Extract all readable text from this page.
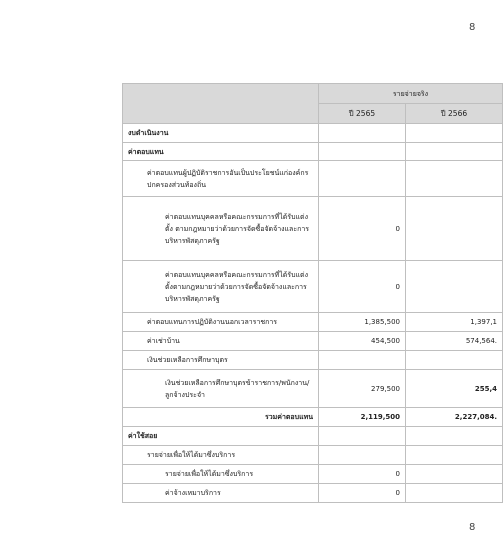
8
	รายจ่ายจริง	
	ปี 2565	ปี 2566
งบดำเนินงาน		
ค่าตอบแทน		
ค่าตอบแทนผู้ปฏิบัติราชการอันเป็นประโยชน์แก่องค์กรปกครองส่วนท้องถิ่น		
ค่าตอบแทนบุคคลหรือคณะกรรมการที่ได้รับแต่งตั้ง ตามกฎหมายว่าด้วยการจัดซื้อจัดจ้างและการบริหารพัสดุภาครัฐ	0	
ค่าตอบแทนบุคคลหรือคณะกรรมการที่ได้รับแต่งตั้งตามกฎหมายว่าด้วยการจัดซื้อจัดจ้างและการบริหารพัสดุภาครัฐ	0	
ค่าตอบแทนการปฏิบัติงานนอกเวลาราชการ	1,385,500	1,397,1
ค่าเช่าบ้าน	454,500	574,564.
เงินช่วยเหลือการศึกษาบุตร		
เงินช่วยเหลือการศึกษาบุตรข้าราชการ/พนักงาน/ลูกจ้างประจำ	279,500	255,4
รวมค่าตอบแทน	2,119,500	2,227,084.
ค่าใช้สอย		
รายจ่ายเพื่อให้ได้มาซึ่งบริการ		
รายจ่ายเพื่อให้ได้มาซึ่งบริการ	0	
ค่าจ้างเหมาบริการ	0	
8
